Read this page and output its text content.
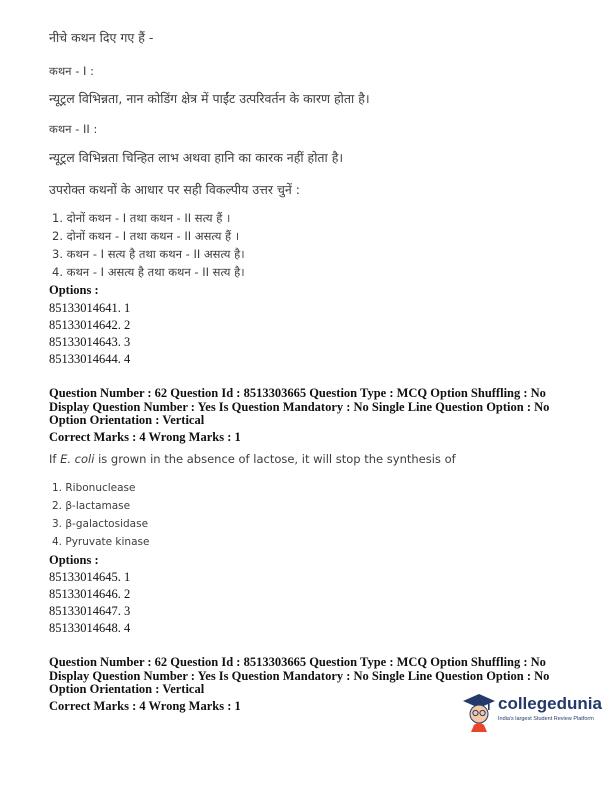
नीचे कथन दिए गए हैं -
कथन - I :
न्यूट्रल विभिन्नता, नान कोडिंग क्षेत्र में पाईंट उत्परिवर्तन के कारण होता है।
कथन - II :
न्यूट्रल विभिन्नता चिन्हित लाभ अथवा हानि का कारक नहीं होता है।
उपरोक्त कथनों के आधार पर सही विकल्पीय उत्तर चुनें :
1. दोनों कथन - I तथा कथन - II सत्य हैं ।
2. दोनों कथन - I तथा कथन - II असत्य हैं ।
3. कथन - I सत्य है तथा कथन - II असत्य है।
4. कथन - I असत्य है तथा कथन - II सत्य है।
Options :
85133014641. 1
85133014642. 2
85133014643. 3
85133014644. 4
Question Number : 62 Question Id : 8513303665 Question Type : MCQ Option Shuffling : No Display Question Number : Yes Is Question Mandatory : No Single Line Question Option : No Option Orientation : Vertical
Correct Marks : 4 Wrong Marks : 1
If E. coli is grown in the absence of lactose, it will stop the synthesis of
1. Ribonuclease
2. β-lactamase
3. β-galactosidase
4. Pyruvate kinase
Options :
85133014645. 1
85133014646. 2
85133014647. 3
85133014648. 4
Question Number : 62 Question Id : 8513303665 Question Type : MCQ Option Shuffling : No Display Question Number : Yes Is Question Mandatory : No Single Line Question Option : No Option Orientation : Vertical
Correct Marks : 4 Wrong Marks : 1	collegedunia
India's largest Student Review Platform
